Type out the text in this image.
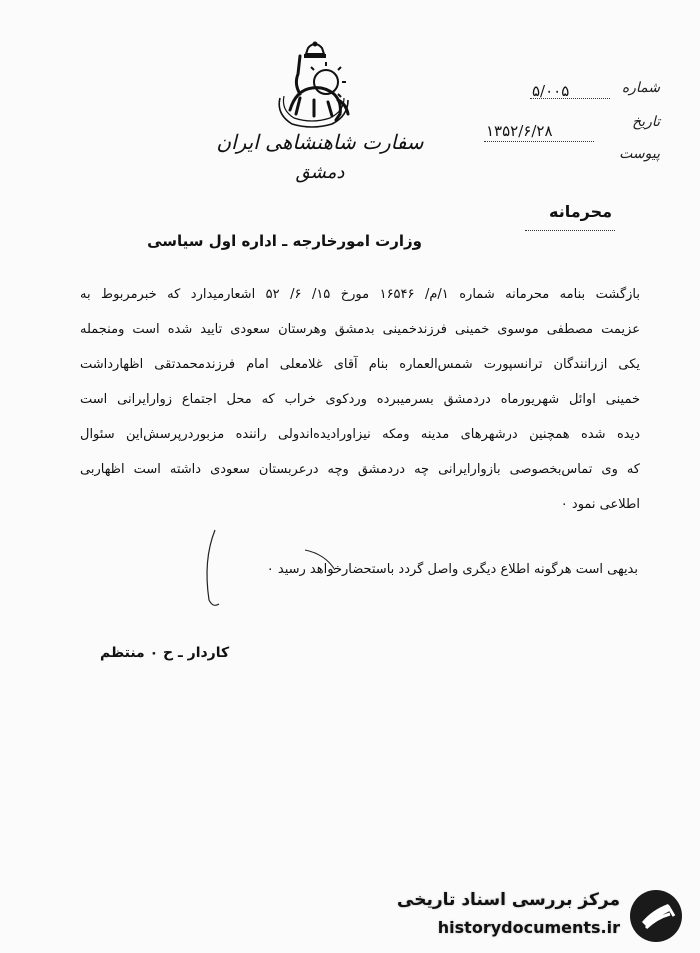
سفارت شاهنشاهی ایران
دمشق
شماره
۵/۰۰۵
تاریخ
۱۳۵۲/۶/۲۸
پیوست
محرمانه
وزارت امورخارجه ـ اداره اول سیاسی
بازگشت بنامه محرمانه شماره ۱/م/ ۱۶۵۴۶ مورخ ۱۵/ ۶/ ۵۲ اشعارمیدارد که خبرمربوط به
عزیمت مصطفی موسوی خمینی فرزندخمینی بدمشق وهرستان سعودی تایید شده است ومنجمله
یکی ازرانندگان ترانسپورت شمس‌العماره بنام آقای غلامعلی امام فرزندمحمدتقی اظهارداشت
خمینی اوائل شهریورماه دردمشق بسرمیبرده وردکوی خراب که محل اجتماع زوارایرانی است
دیده شده همچنین درشهرهای مدینه ومکه نیزاورادیده‌اندولی راننده مزبوردرپرسش‌این سئوال
که وی تماس‌بخصوصی بازوارایرانی چه دردمشق وچه درعربستان سعودی داشته است اظهاربی
اطلاعی نمود ۰
بدیهی است هرگونه اطلاع دیگری واصل گردد باستحضارخواهد رسید ۰
کاردار ـ ح ۰ منتظم
مرکز بررسی اسناد تاریخی
historydocuments.ir
